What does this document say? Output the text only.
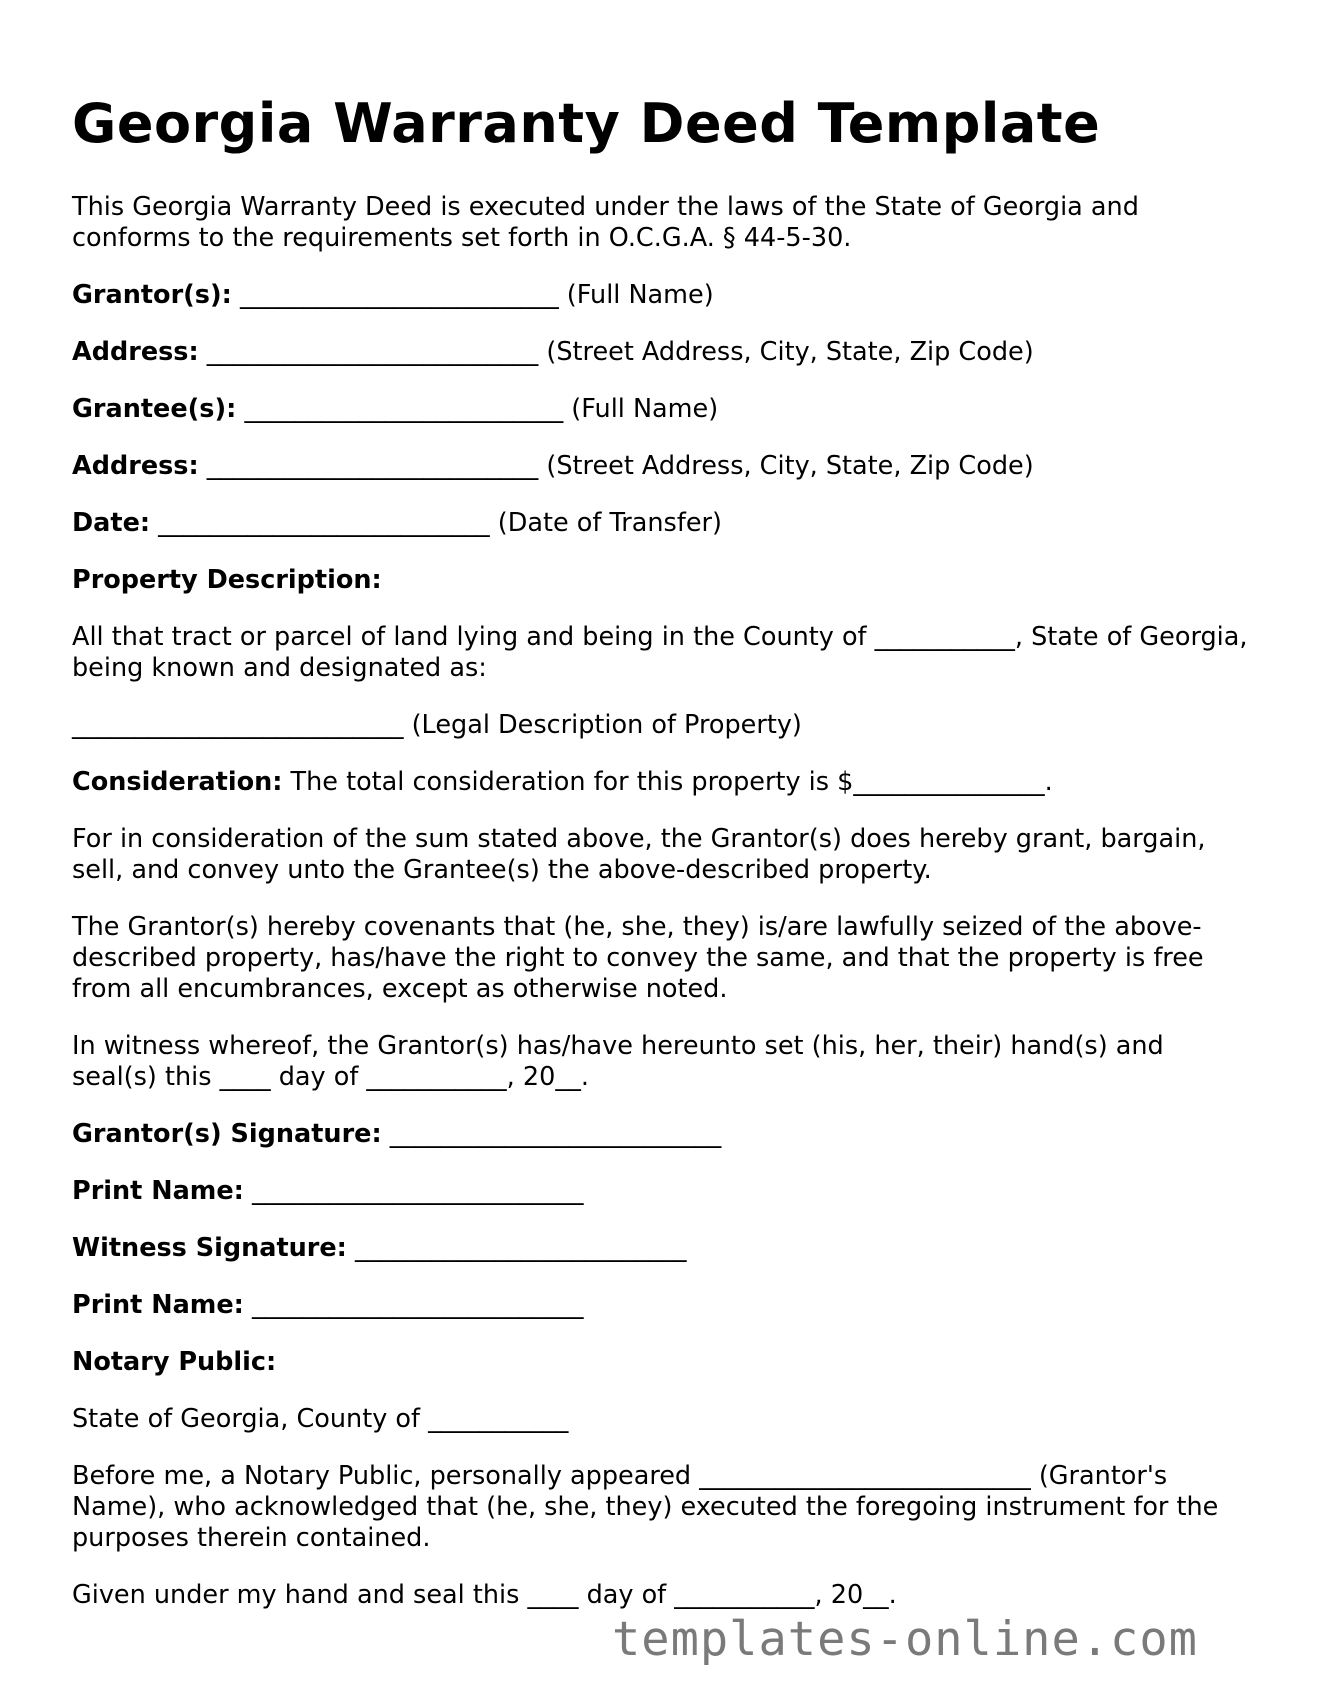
Georgia Warranty Deed Template

This Georgia Warranty Deed is executed under the laws of the State of Georgia and conforms to the requirements set forth in O.C.G.A. § 44-5-30.

Grantor(s): _________________________ (Full Name)

Address: __________________________ (Street Address, City, State, Zip Code)

Grantee(s): _________________________ (Full Name)

Address: __________________________ (Street Address, City, State, Zip Code)

Date: __________________________ (Date of Transfer)

Property Description:

All that tract or parcel of land lying and being in the County of ___________, State of Georgia, being known and designated as:

__________________________ (Legal Description of Property)

Consideration: The total consideration for this property is $_______________.

For in consideration of the sum stated above, the Grantor(s) does hereby grant, bargain, sell, and convey unto the Grantee(s) the above-described property.

The Grantor(s) hereby covenants that (he, she, they) is/are lawfully seized of the above-described property, has/have the right to convey the same, and that the property is free from all encumbrances, except as otherwise noted.

In witness whereof, the Grantor(s) has/have hereunto set (his, her, their) hand(s) and seal(s) this ____ day of ___________, 20__.

Grantor(s) Signature: __________________________

Print Name: __________________________

Witness Signature: __________________________

Print Name: __________________________

Notary Public:

State of Georgia, County of ___________

Before me, a Notary Public, personally appeared __________________________ (Grantor's Name), who acknowledged that (he, she, they) executed the foregoing instrument for the purposes therein contained.

Given under my hand and seal this ____ day of ___________, 20__.

templates-online.com
